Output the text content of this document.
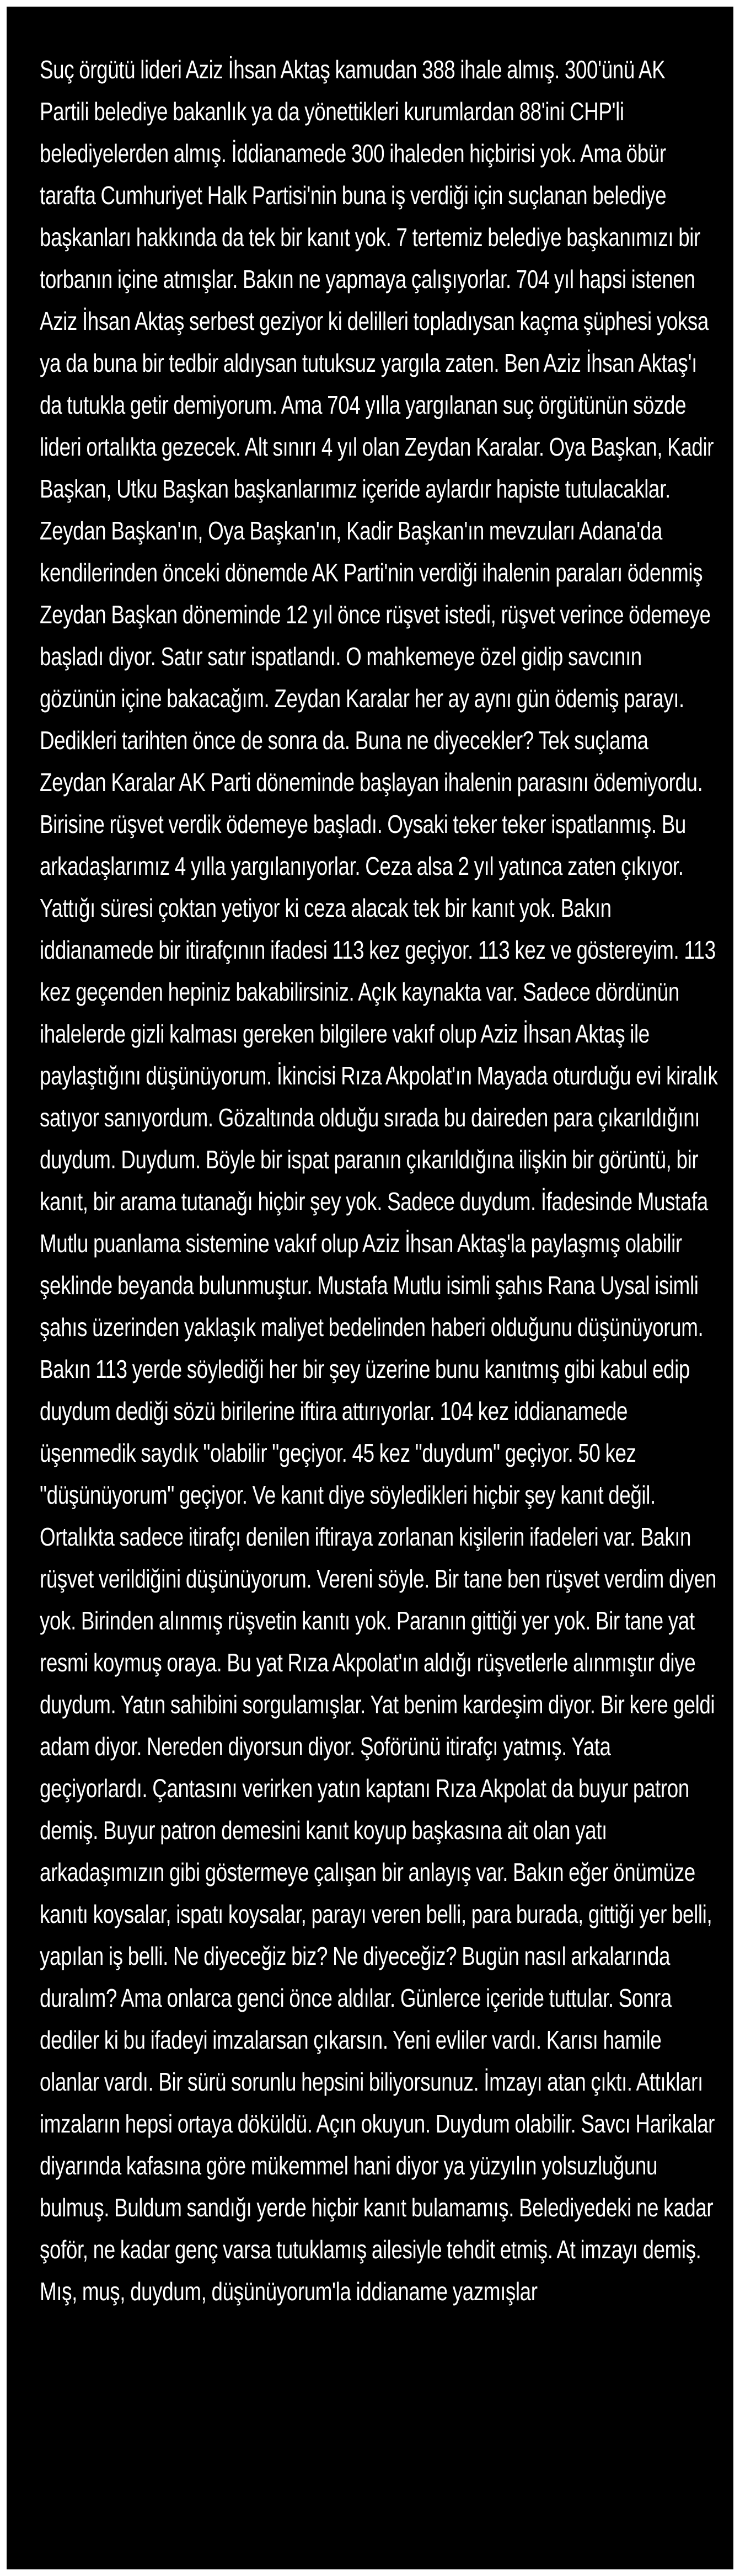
Suç örgütü lideri Aziz İhsan Aktaş kamudan 388 ihale almış. 300'ünü AK Partili belediye bakanlık ya da yönettikleri kurumlardan 88'ini CHP'li belediyelerden almış. İddianamede 300 ihaleden hiçbirisi yok. Ama öbür tarafta Cumhuriyet Halk Partisi'nin buna iş verdiği için suçlanan belediye başkanları hakkında da tek bir kanıt yok. 7 tertemiz belediye başkanımızı bir torbanın içine atmışlar. Bakın ne yapmaya çalışıyorlar. 704 yıl hapsi istenen Aziz İhsan Aktaş serbest geziyor ki delilleri topladıysan kaçma şüphesi yoksa ya da buna bir tedbir aldıysan tutuksuz yargıla zaten. Ben Aziz İhsan Aktaş'ı da tutukla getir demiyorum. Ama 704 yılla yargılanan suç örgütünün sözde lideri ortalıkta gezecek. Alt sınırı 4 yıl olan Zeydan Karalar. Oya Başkan, Kadir Başkan, Utku Başkan başkanlarımız içeride aylardır hapiste tutulacaklar. Zeydan Başkan'ın, Oya Başkan'ın, Kadir Başkan'ın mevzuları Adana'da kendilerinden önceki dönemde AK Parti'nin verdiği ihalenin paraları ödenmiş Zeydan Başkan döneminde 12 yıl önce rüşvet istedi, rüşvet verince ödemeye başladı diyor. Satır satır ispatlandı. O mahkemeye özel gidip savcının gözünün içine bakacağım. Zeydan Karalar her ay aynı gün ödemiş parayı. Dedikleri tarihten önce de sonra da. Buna ne diyecekler? Tek suçlama Zeydan Karalar AK Parti döneminde başlayan ihalenin parasını ödemiyordu. Birisine rüşvet verdik ödemeye başladı. Oysaki teker teker ispatlanmış. Bu arkadaşlarımız 4 yılla yargılanıyorlar. Ceza alsa 2 yıl yatınca zaten çıkıyor. Yattığı süresi çoktan yetiyor ki ceza alacak tek bir kanıt yok. Bakın iddianamede bir itirafçının ifadesi 113 kez geçiyor. 113 kez ve göstereyim. 113 kez geçenden hepiniz bakabilirsiniz. Açık kaynakta var. Sadece dördünün ihalelerde gizli kalması gereken bilgilere vakıf olup Aziz İhsan Aktaş ile paylaştığını düşünüyorum. İkincisi Rıza Akpolat'ın Mayada oturduğu evi kiralık satıyor sanıyordum. Gözaltında olduğu sırada bu daireden para çıkarıldığını duydum. Duydum. Böyle bir ispat paranın çıkarıldığına ilişkin bir görüntü, bir kanıt, bir arama tutanağı hiçbir şey yok. Sadece duydum. İfadesinde Mustafa Mutlu puanlama sistemine vakıf olup Aziz İhsan Aktaş'la paylaşmış olabilir şeklinde beyanda bulunmuştur. Mustafa Mutlu isimli şahıs Rana Uysal isimli şahıs üzerinden yaklaşık maliyet bedelinden haberi olduğunu düşünüyorum. Bakın 113 yerde söylediği her bir şey üzerine bunu kanıtmış gibi kabul edip duydum dediği sözü birilerine iftira attırıyorlar. 104 kez iddianamede üşenmedik saydık "olabilir "geçiyor. 45 kez "duydum" geçiyor. 50 kez "düşünüyorum" geçiyor. Ve kanıt diye söyledikleri hiçbir şey kanıt değil. Ortalıkta sadece itirafçı denilen iftiraya zorlanan kişilerin ifadeleri var. Bakın rüşvet verildiğini düşünüyorum. Vereni söyle. Bir tane ben rüşvet verdim diyen yok. Birinden alınmış rüşvetin kanıtı yok. Paranın gittiği yer yok. Bir tane yat resmi koymuş oraya. Bu yat Rıza Akpolat'ın aldığı rüşvetlerle alınmıştır diye duydum. Yatın sahibini sorgulamışlar. Yat benim kardeşim diyor. Bir kere geldi adam diyor. Nereden diyorsun diyor. Şoförünü itirafçı yatmış. Yata geçiyorlardı. Çantasını verirken yatın kaptanı Rıza Akpolat da buyur patron demiş. Buyur patron demesini kanıt koyup başkasına ait olan yatı arkadaşımızın gibi göstermeye çalışan bir anlayış var. Bakın eğer önümüze kanıtı koysalar, ispatı koysalar, parayı veren belli, para burada, gittiği yer belli, yapılan iş belli. Ne diyeceğiz biz? Ne diyeceğiz? Bugün nasıl arkalarında duralım? Ama onlarca genci önce aldılar. Günlerce içeride tuttular. Sonra dediler ki bu ifadeyi imzalarsan çıkarsın. Yeni evliler vardı. Karısı hamile olanlar vardı. Bir sürü sorunlu hepsini biliyorsunuz. İmzayı atan çıktı. Attıkları imzaların hepsi ortaya döküldü. Açın okuyun. Duydum olabilir. Savcı Harikalar diyarında kafasına göre mükemmel hani diyor ya yüzyılın yolsuzluğunu bulmuş. Buldum sandığı yerde hiçbir kanıt bulamamış. Belediyedeki ne kadar şoför, ne kadar genç varsa tutuklamış ailesiyle tehdit etmiş. At imzayı demiş. Mış, muş, duydum, düşünüyorum'la iddianame yazmışlar
